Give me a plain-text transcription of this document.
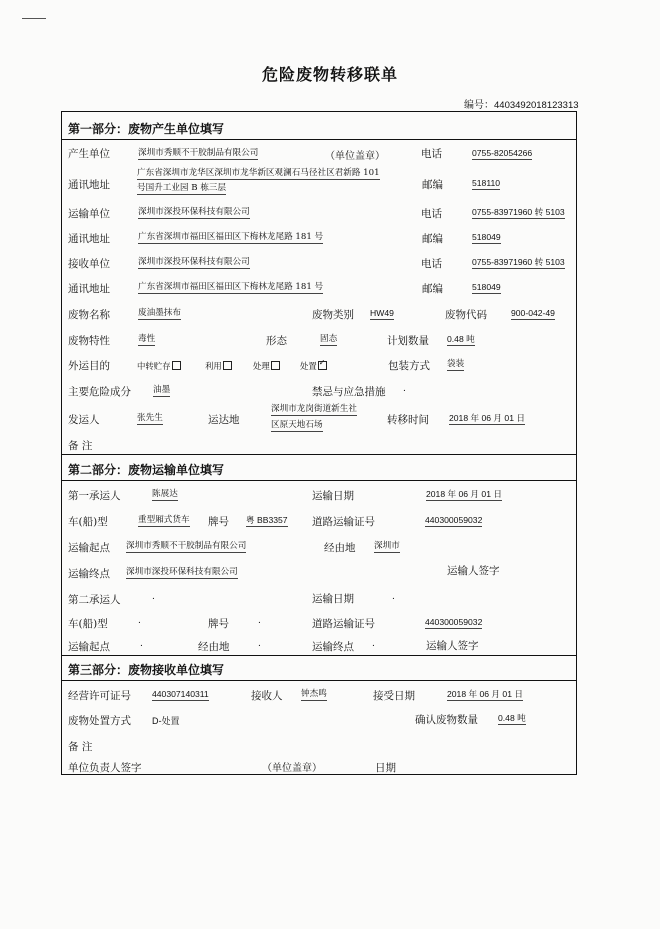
危险废物转移联单
编号：4403492018123313
第一部分：废物产生单位填写
产生单位	深圳市秀顺不干胶制品有限公司	（单位盖章）	电话	0755-82054266
通讯地址
广东省深圳市龙华区深圳市龙华新区观澜石马径社区君新路 101
号国升工业园 B 栋三层	邮编	518110
运输单位	深圳市深投环保科技有限公司	电话	0755-83971960 转 5103
通讯地址	广东省深圳市福田区福田区下梅林龙尾路 181 号	邮编	518049
接收单位	深圳市深投环保科技有限公司	电话	0755-83971960 转 5103
通讯地址	广东省深圳市福田区福田区下梅林龙尾路 181 号	邮编	518049
废物名称	废油墨抹布	废物类别 HW49	废物代码	900-042-49
废物特性	毒性	形态	固态	计划数量 0.48 吨
外运目的	中转贮存	利用	处理	处置✓	包装方式 袋装
主要危险成分	油墨	禁忌与应急措施 .
发运人	张先生	运达地
深圳市龙岗街道新生社
区原天地石场	转移时间 2018 年 06 月 01 日
备 注
第二部分：废物运输单位填写
第一承运人	陈展达	运输日期	2018 年 06 月 01 日
车(船)型	重型厢式货车 牌号 粤 BB3357 道路运输证号	440300059032
运输起点 深圳市秀顺不干胶制品有限公司	经由地 深圳市
运输终点 深圳市深投环保科技有限公司	运输人签字
第二承运人	.	运输日期	.
车(船)型	.	牌号	.	道路运输证号	440300059032
运输起点	.	经由地	.	运输终点 .	运输人签字
第三部分：废物接收单位填写
经营许可证号 440307140311	接收人 钟杰鸣	接受日期	2018 年 06 月 01 日
废物处置方式 D-处置	确认废物数量 0.48 吨
备 注
单位负责人签字	（单位盖章）	日期
